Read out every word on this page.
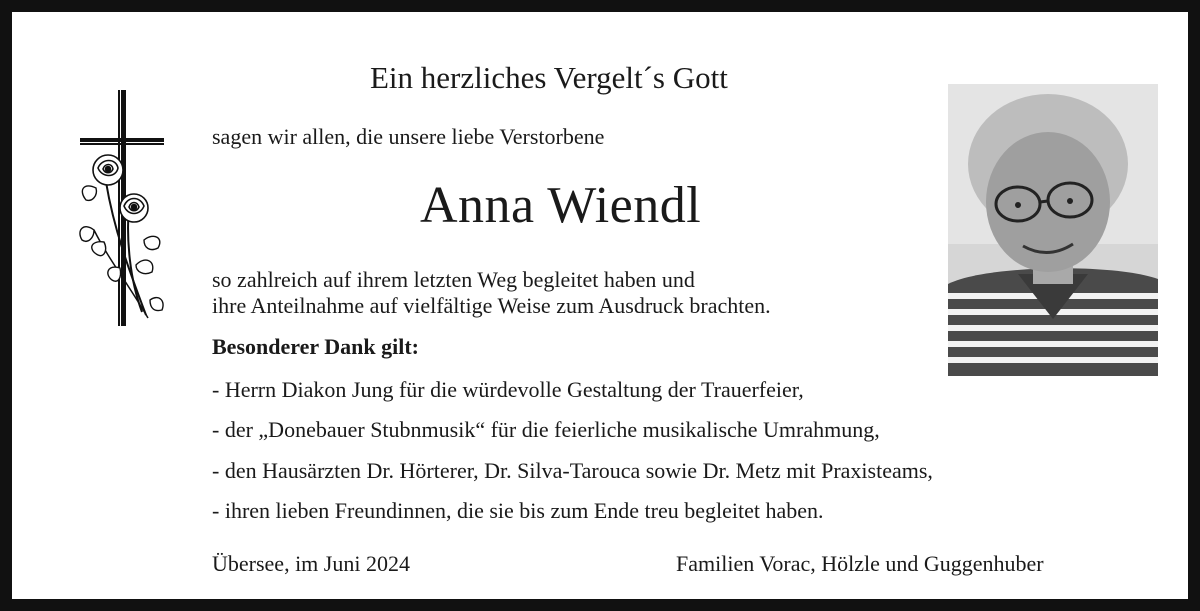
Ein herzliches Vergelt´s Gott
sagen wir allen, die unsere liebe Verstorbene
Anna Wiendl
so zahlreich auf ihrem letzten Weg begleitet haben und
ihre Anteilnahme auf vielfältige Weise zum Ausdruck brachten.
Besonderer Dank gilt:
- Herrn Diakon Jung für die würdevolle Gestaltung der Trauerfeier,
- der „Donebauer Stubnmusik“ für die feierliche musikalische Umrahmung,
- den Hausärzten Dr. Hörterer, Dr. Silva-Tarouca sowie Dr. Metz mit Praxisteams,
- ihren lieben Freundinnen, die sie bis zum Ende treu begleitet haben.
Übersee, im Juni 2024	Familien Vorac, Hölzle und Guggenhuber
